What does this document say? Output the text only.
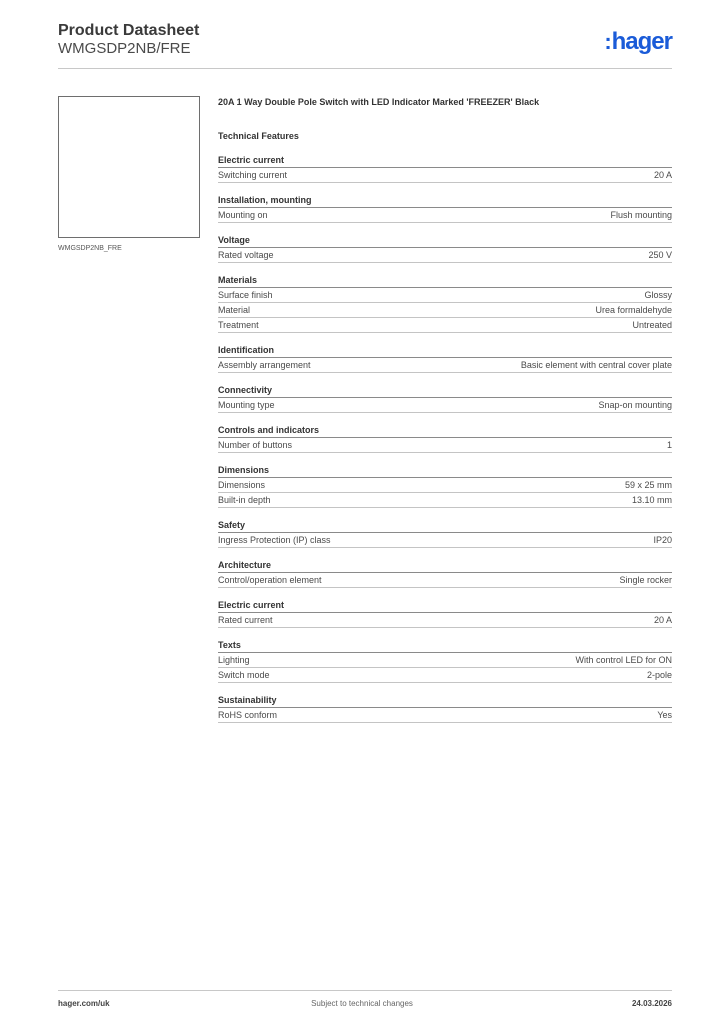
Product Datasheet
WMGSDP2NB/FRE	:hager
WMGSDP2NB_FRE
20A 1 Way Double Pole Switch with LED Indicator Marked 'FREEZER' Black
Technical Features
Electric current
Switching current	20 A
Installation, mounting
Mounting on	Flush mounting
Voltage
Rated voltage	250 V
Materials
Surface finish	Glossy
Material	Urea formaldehyde
Treatment	Untreated
Identification
Assembly arrangement	Basic element with central cover plate
Connectivity
Mounting type	Snap-on mounting
Controls and indicators
Number of buttons	1
Dimensions
Dimensions	59 x 25 mm
Built-in depth	13.10 mm
Safety
Ingress Protection (IP) class	IP20
Architecture
Control/operation element	Single rocker
Electric current
Rated current	20 A
Texts
Lighting	With control LED for ON
Switch mode	2-pole
Sustainability
RoHS conform	Yes
hager.com/uk	Subject to technical changes	24.03.2026
